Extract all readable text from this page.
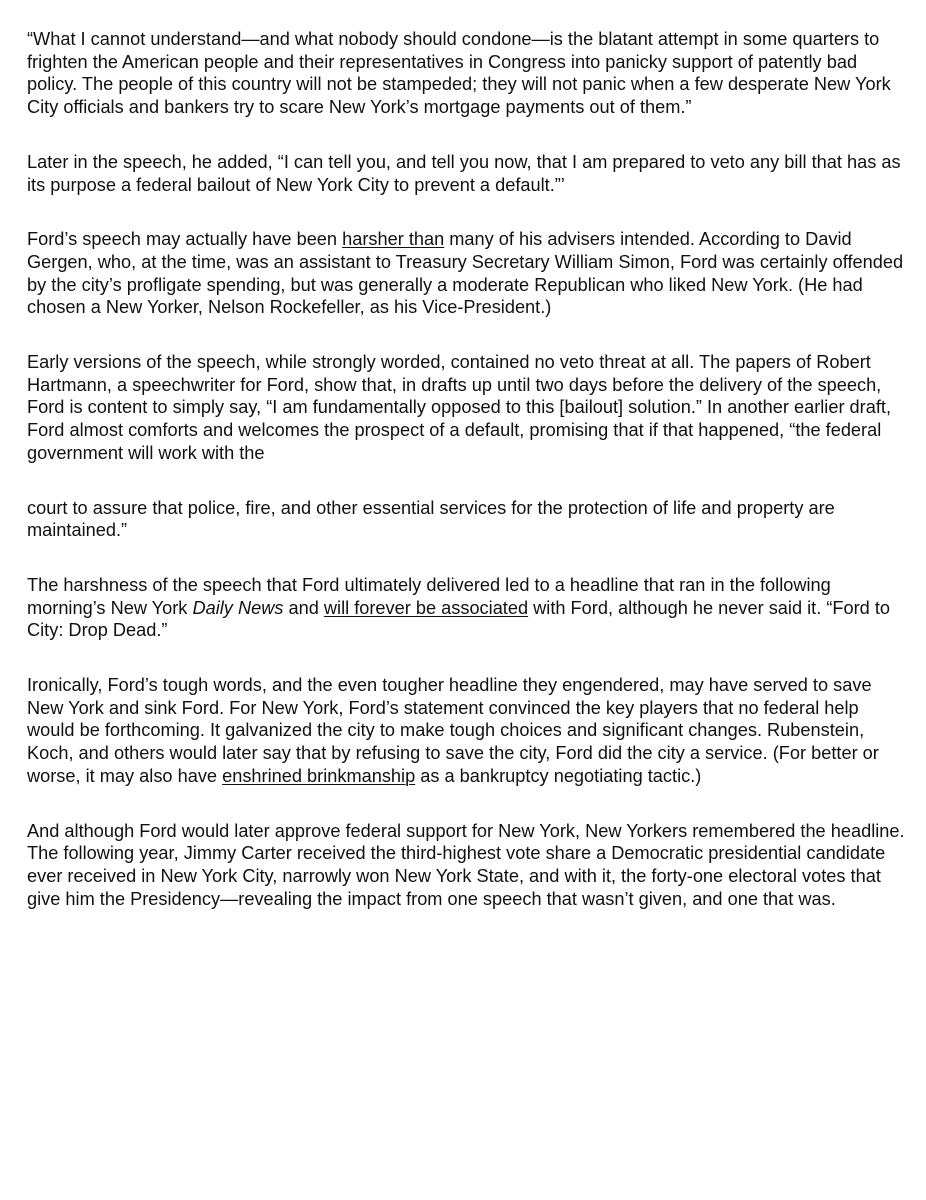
“What I cannot understand—and what nobody should condone—is the blatant attempt in some quarters to frighten the American people and their representatives in Congress into panicky support of patently bad policy. The people of this country will not be stampeded; they will not panic when a few desperate New York City officials and bankers try to scare New York’s mortgage payments out of them.”

Later in the speech, he added, “I can tell you, and tell you now, that I am prepared to veto any bill that has as its purpose a federal bailout of New York City to prevent a default.”’

Ford’s speech may actually have been harsher than many of his advisers intended. According to David Gergen, who, at the time, was an assistant to Treasury Secretary William Simon, Ford was certainly offended by the city’s profligate spending, but was generally a moderate Republican who liked New York. (He had chosen a New Yorker, Nelson Rockefeller, as his Vice-President.)

Early versions of the speech, while strongly worded, contained no veto threat at all. The papers of Robert Hartmann, a speechwriter for Ford, show that, in drafts up until two days before the delivery of the speech, Ford is content to simply say, “I am fundamentally opposed to this [bailout] solution.” In another earlier draft, Ford almost comforts and welcomes the prospect of a default, promising that if that happened, “the federal government will work with the

court to assure that police, fire, and other essential services for the protection of life and property are maintained.”

The harshness of the speech that Ford ultimately delivered led to a headline that ran in the following morning’s New York Daily News and will forever be associated with Ford, although he never said it. “Ford to City: Drop Dead.”

Ironically, Ford’s tough words, and the even tougher headline they engendered, may have served to save New York and sink Ford. For New York, Ford’s statement convinced the key players that no federal help would be forthcoming. It galvanized the city to make tough choices and significant changes. Rubenstein, Koch, and others would later say that by refusing to save the city, Ford did the city a service. (For better or worse, it may also have enshrined brinkmanship as a bankruptcy negotiating tactic.)

And although Ford would later approve federal support for New York, New Yorkers remembered the headline. The following year, Jimmy Carter received the third-highest vote share a Democratic presidential candidate ever received in New York City, narrowly won New York State, and with it, the forty-one electoral votes that give him the Presidency—revealing the impact from one speech that wasn’t given, and one that was.
